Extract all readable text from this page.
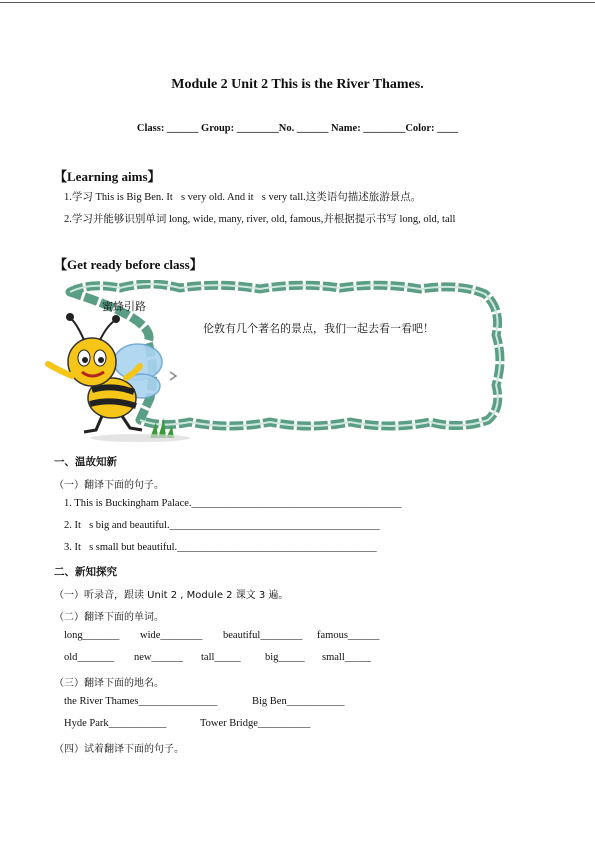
Module 2 Unit 2 This is the River Thames.
Class: ______ Group: ________No. ______ Name: ________Color: ____
【Learning aims】
1.学习 This is Big Ben. It s very old. And it s very tall.这类语句描述旅游景点。
2.学习并能够识别单词 long, wide, many, river, old, famous,并根据提示书写 long, old, tall
【Get ready before class】
蜜蜂引路
伦敦有几个著名的景点，我们一起去看一看吧！
一、温故知新
（一）翻译下面的句子。
1. This is Buckingham Palace.________________________________________
2. It s big and beautiful.________________________________________
3. It s small but beautiful.______________________________________
二、新知探究
（一）听录音，跟读 Unit 2 , Module 2 课文 3 遍。
（二）翻译下面的单词。
long_______ wide________ beautiful________ famous______
old_______ new______ tall_____ big_____ small_____
（三）翻译下面的地名。
the River Thames_______________	Big Ben___________
Hyde Park___________	Tower Bridge__________
（四）试着翻译下面的句子。
